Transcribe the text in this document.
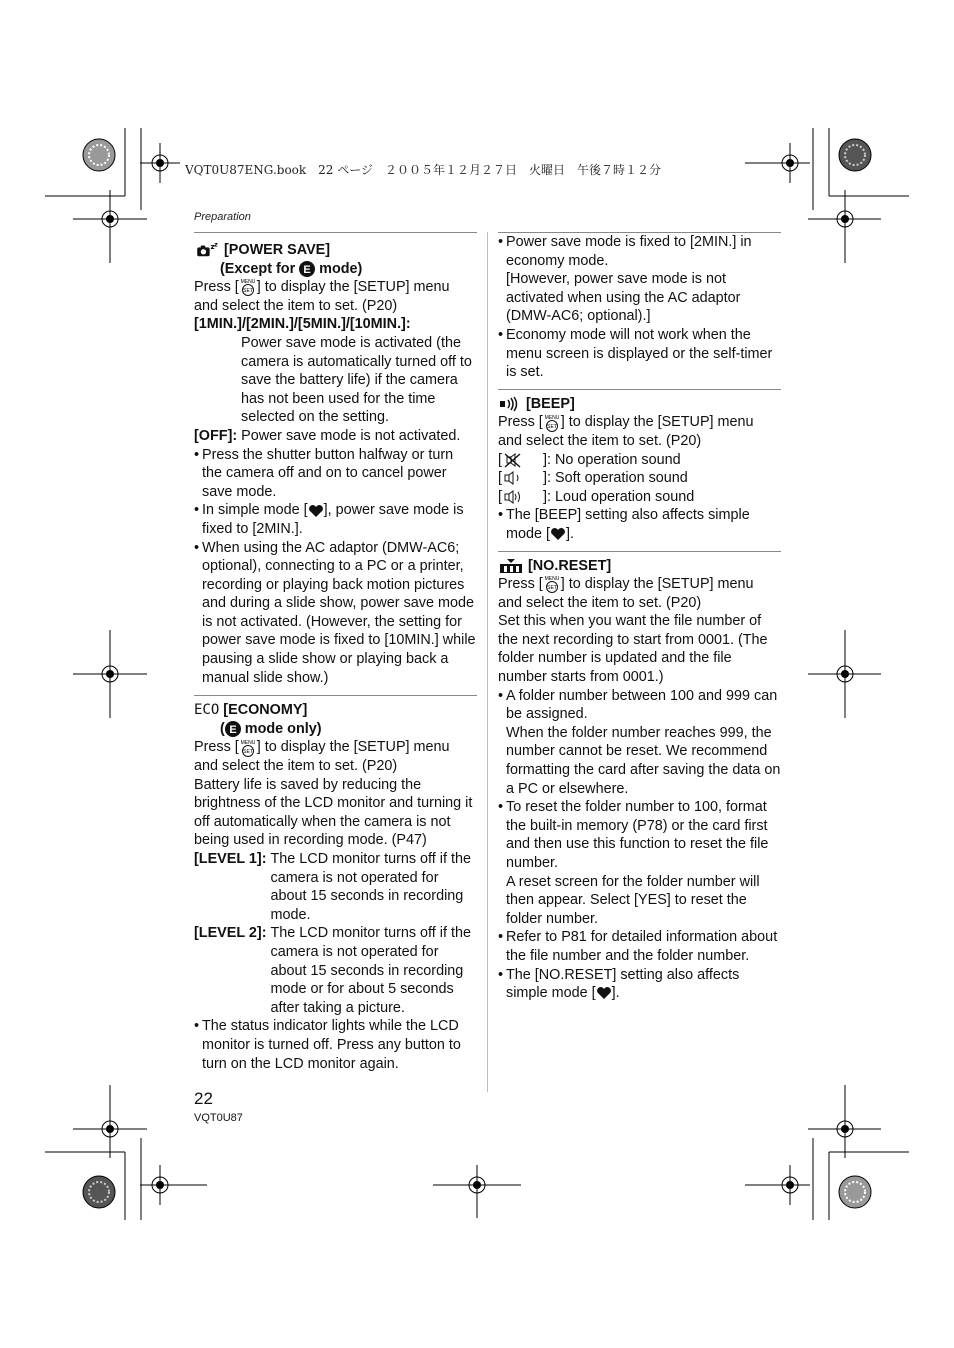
VQT0U87ENG.book　22 ページ　２００５年１２月２７日　火曜日　午後７時１２分
Preparation
z z [POWER SAVE]
(Except for E mode)

Press [ MENU
SET ] to display the [SETUP] menu and select the item to set. (P20)

[1MIN.]/[2MIN.]/[5MIN.]/[10MIN.]:

Power save mode is activated (the camera is automatically turned off to save the battery life) if the camera has not been used for the time selected on the setting.

[OFF]: Power save mode is not activated.
• Press the shutter button halfway or turn the camera off and on to cancel power save mode.
• In simple mode [ ], power save mode is fixed to [2MIN.].
• When using the AC adaptor (DMW-AC6; optional), connecting to a PC or a printer, recording or playing back motion pictures and during a slide show, power save mode is not activated. (However, the setting for power save mode is fixed to [10MIN.] while pausing a slide show or playing back a manual slide show.)
ECO [ECONOMY]
( E mode only)

Press [ MENU
SET ] to display the [SETUP] menu and select the item to set. (P20)

Battery life is saved by reducing the brightness of the LCD monitor and turning it off automatically when the camera is not being used in recording mode. (P47)

[LEVEL 1]: The LCD monitor turns off if the camera is not operated for about 15 seconds in recording mode.
[LEVEL 2]: The LCD monitor turns off if the camera is not operated for about 15 seconds in recording mode or for about 5 seconds after taking a picture.
• The status indicator lights while the LCD monitor is turned off. Press any button to turn on the LCD monitor again.
• Power save mode is fixed to [2MIN.] in economy mode.
[However, power save mode is not activated when using the AC adaptor (DMW-AC6; optional).]
• Economy mode will not work when the menu screen is displayed or the self-timer is set.
[BEEP]

Press [ MENU
SET ] to display the [SETUP] menu and select the item to set. (P20)

[	]: No operation sound
[	]: Soft operation sound
[	]: Loud operation sound
• The [BEEP] setting also affects simple mode [ ].
[NO.RESET]

Press [ MENU
SET ] to display the [SETUP] menu and select the item to set. (P20)

Set this when you want the file number of the next recording to start from 0001. (The folder number is updated and the file number starts from 0001.)

• A folder number between 100 and 999 can be assigned.
When the folder number reaches 999, the number cannot be reset. We recommend formatting the card after saving the data on a PC or elsewhere.
• To reset the folder number to 100, format the built-in memory (P78) or the card first and then use this function to reset the file number.
A reset screen for the folder number will then appear. Select [YES] to reset the folder number.
• Refer to P81 for detailed information about the file number and the folder number.
• The [NO.RESET] setting also affects simple mode [ ].
22
VQT0U87
